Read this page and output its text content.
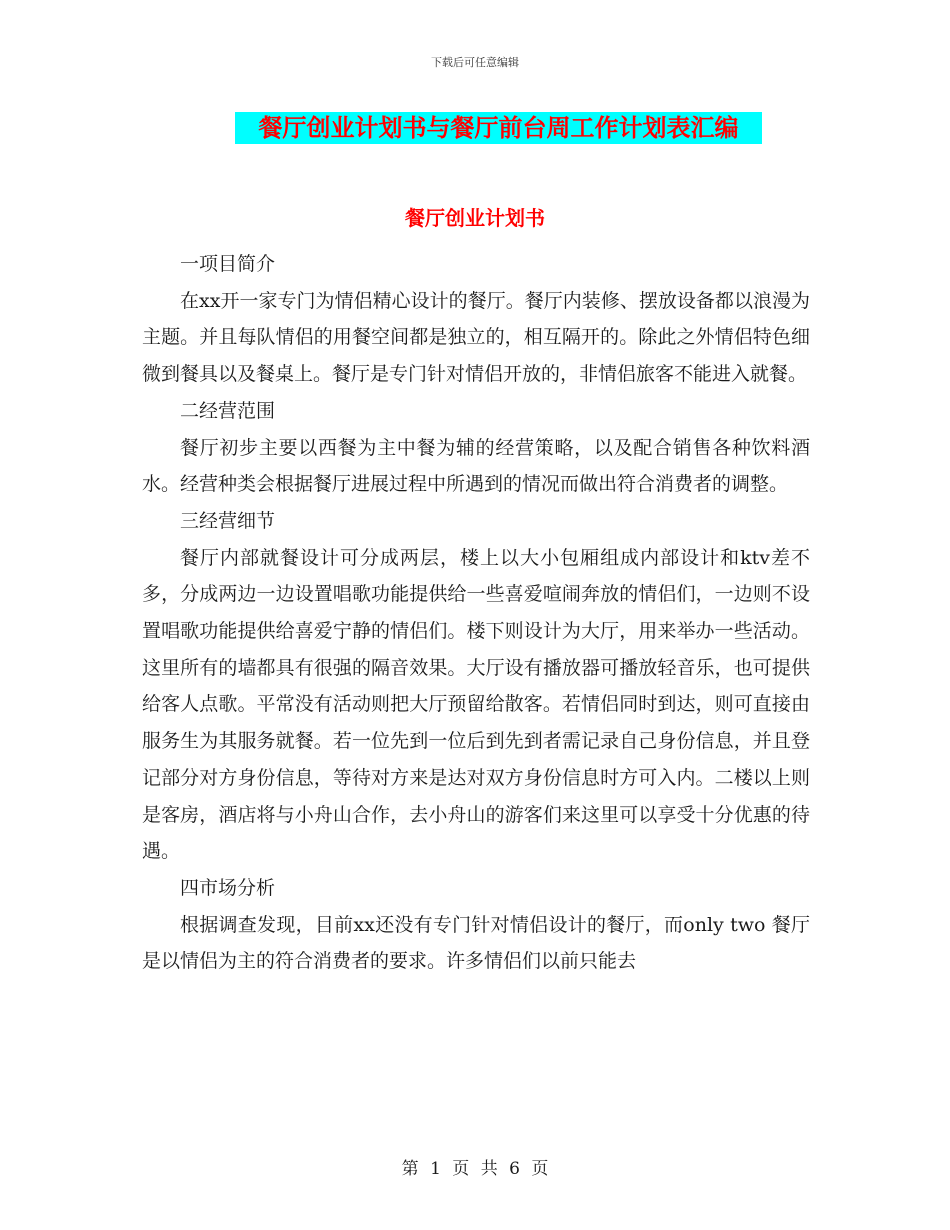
下载后可任意编辑
餐厅创业计划书与餐厅前台周工作计划表汇编
餐厅创业计划书

一项目简介

在xx开一家专门为情侣精心设计的餐厅。餐厅内装修、摆放设备都以浪漫为主题。并且每队情侣的用餐空间都是独立的，相互隔开的。除此之外情侣特色细微到餐具以及餐桌上。餐厅是专门针对情侣开放的，非情侣旅客不能进入就餐。

二经营范围

餐厅初步主要以西餐为主中餐为辅的经营策略，以及配合销售各种饮料酒水。经营种类会根据餐厅进展过程中所遇到的情况而做出符合消费者的调整。

三经营细节

餐厅内部就餐设计可分成两层，楼上以大小包厢组成内部设计和ktv差不多，分成两边一边设置唱歌功能提供给一些喜爱喧闹奔放的情侣们，一边则不设置唱歌功能提供给喜爱宁静的情侣们。楼下则设计为大厅，用来举办一些活动。这里所有的墙都具有很强的隔音效果。大厅设有播放器可播放轻音乐，也可提供给客人点歌。平常没有活动则把大厅预留给散客。若情侣同时到达，则可直接由服务生为其服务就餐。若一位先到一位后到先到者需记录自己身份信息，并且登记部分对方身份信息，等待对方来是达对双方身份信息时方可入内。二楼以上则是客房，酒店将与小舟山合作，去小舟山的游客们来这里可以享受十分优惠的待遇。

四市场分析

根据调查发现，目前xx还没有专门针对情侣设计的餐厅，而only two 餐厅 是以情侣为主的符合消费者的要求。许多情侣们以前只能去

第 1 页 共 6 页
